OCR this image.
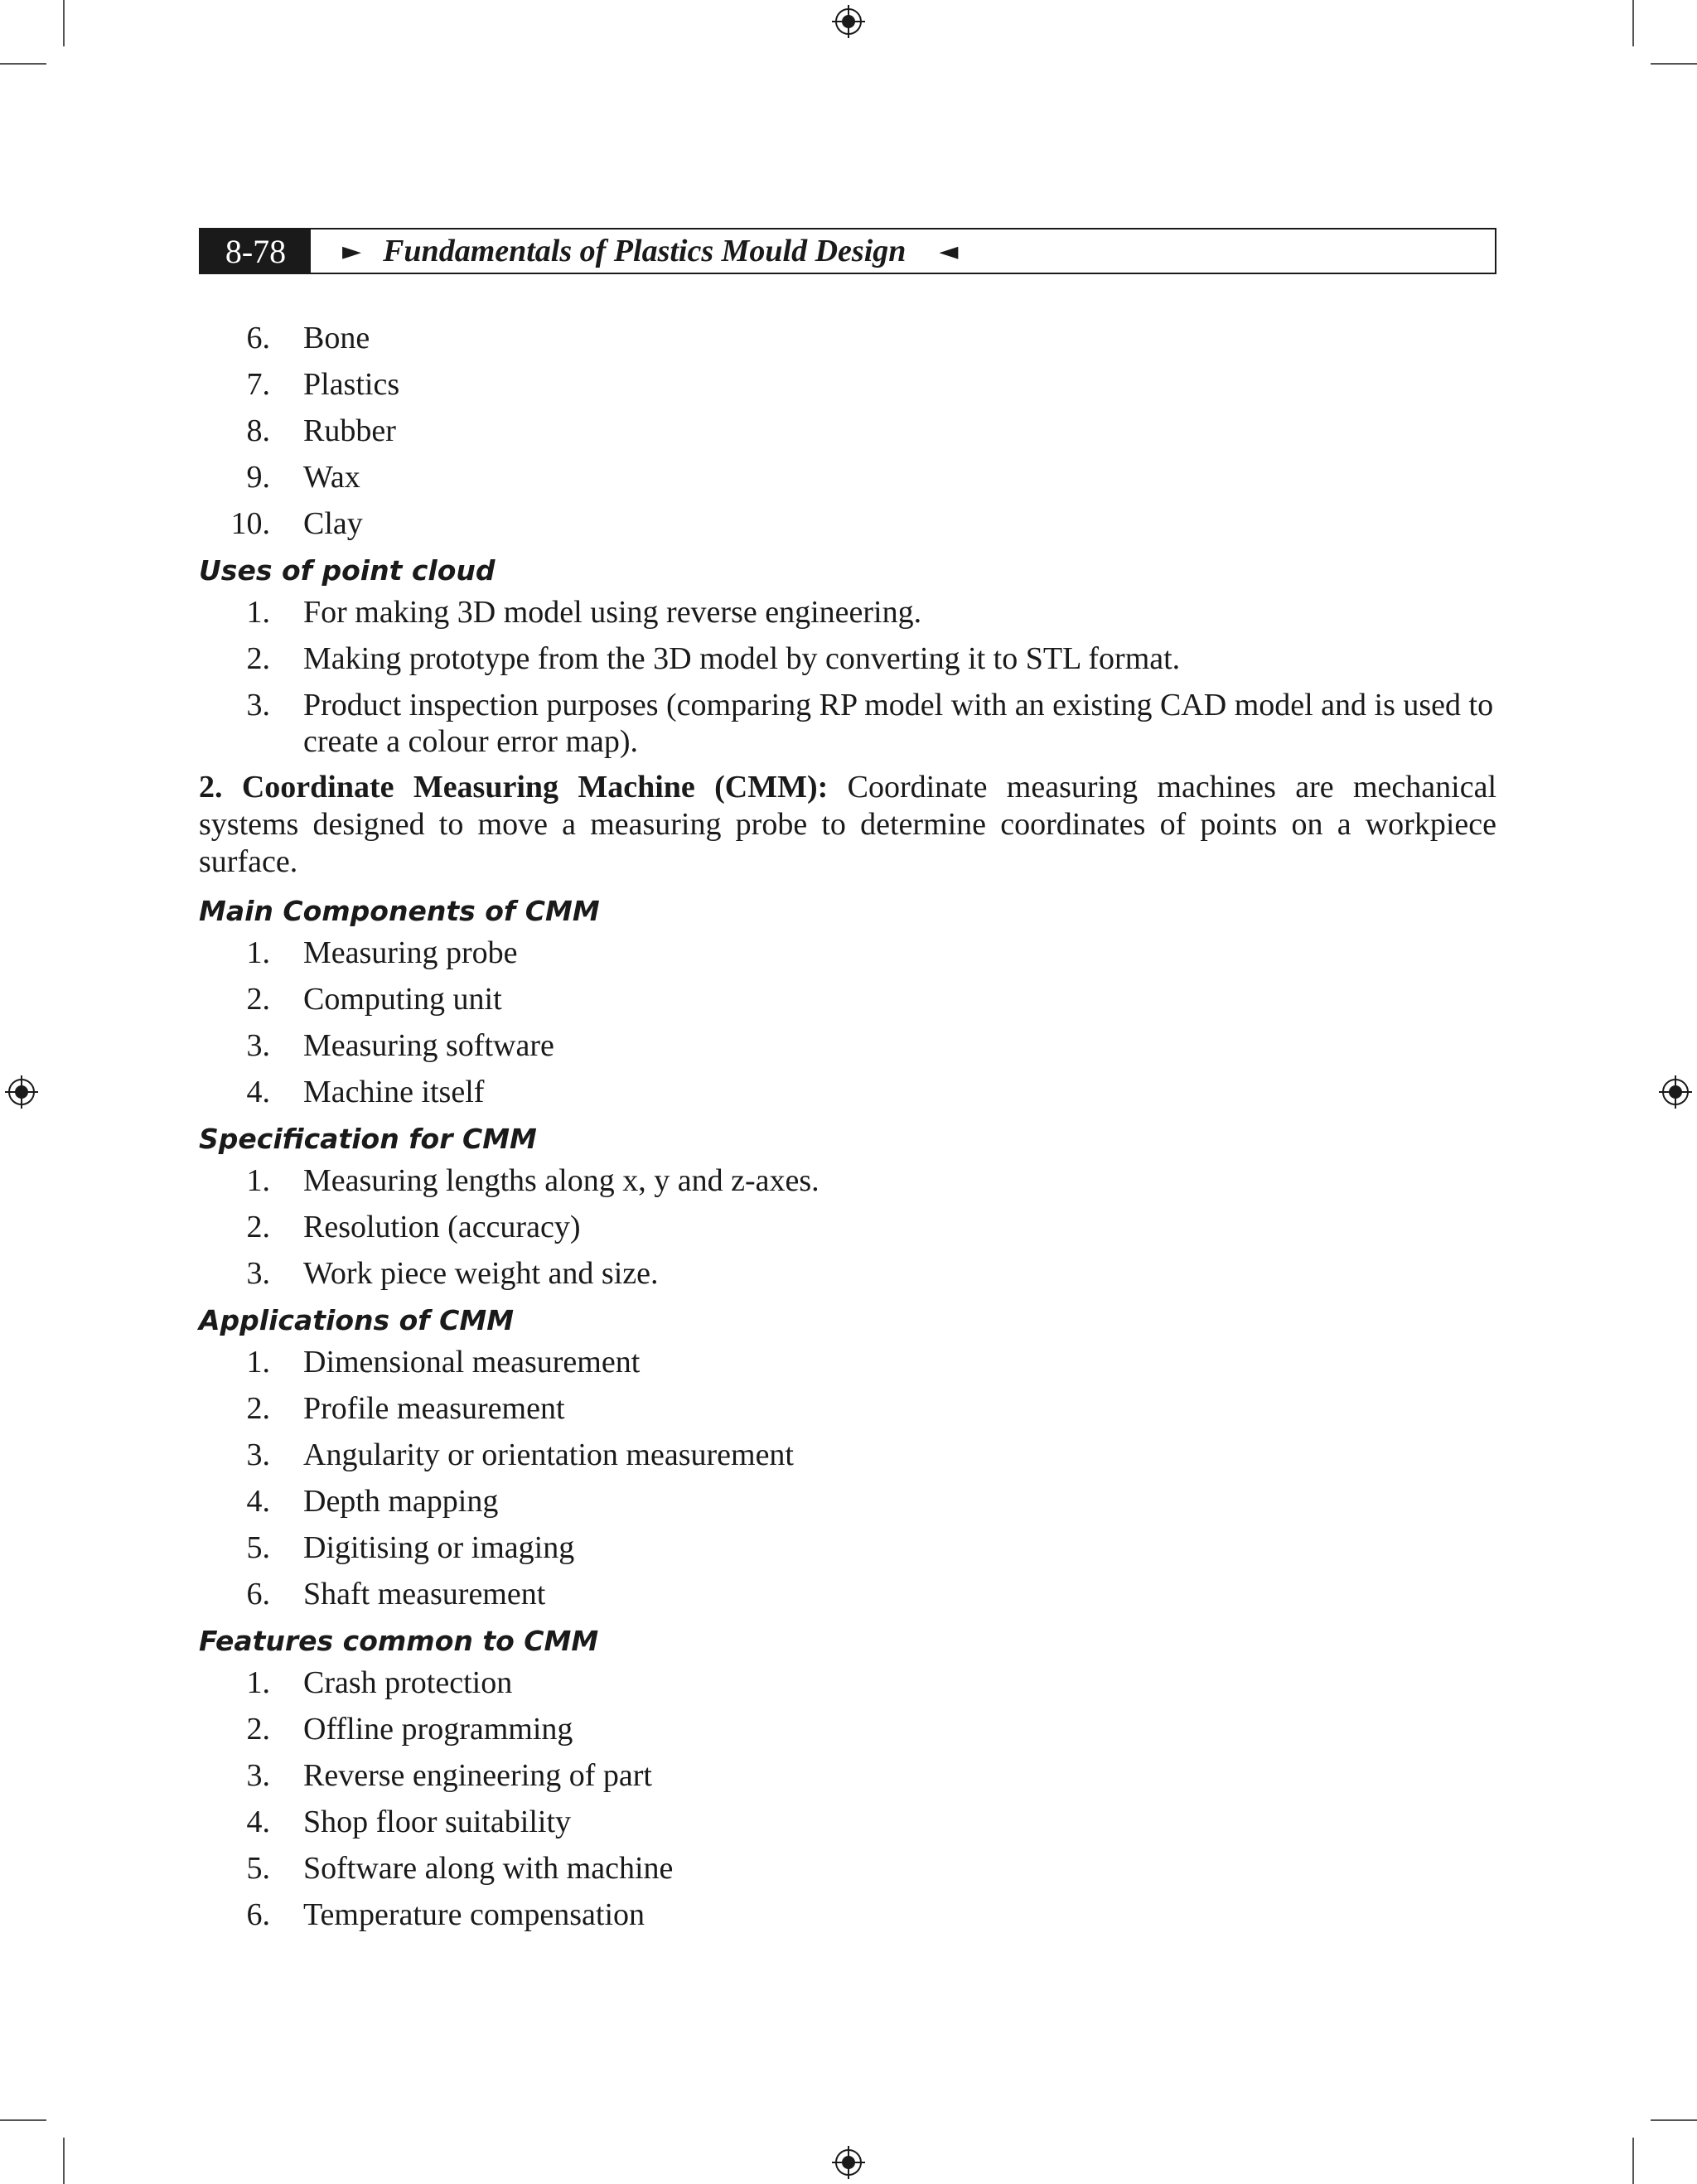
8-78	► Fundamentals of Plastics Mould Design ◄
6. Bone
7. Plastics
8. Rubber
9. Wax
10. Clay
Uses of point cloud
1. For making 3D model using reverse engineering.
2. Making prototype from the 3D model by converting it to STL format.
3. Product inspection purposes (comparing RP model with an existing CAD model and is used to create a colour error map).
2. Coordinate Measuring Machine (CMM): Coordinate measuring machines are mechanical systems designed to move a measuring probe to determine coordinates of points on a workpiece surface.
Main Components of CMM
1. Measuring probe
2. Computing unit
3. Measuring software
4. Machine itself
Specification for CMM
1. Measuring lengths along x, y and z-axes.
2. Resolution (accuracy)
3. Work piece weight and size.
Applications of CMM
1. Dimensional measurement
2. Profile measurement
3. Angularity or orientation measurement
4. Depth mapping
5. Digitising or imaging
6. Shaft measurement
Features common to CMM
1. Crash protection
2. Offline programming
3. Reverse engineering of part
4. Shop floor suitability
5. Software along with machine
6. Temperature compensation
